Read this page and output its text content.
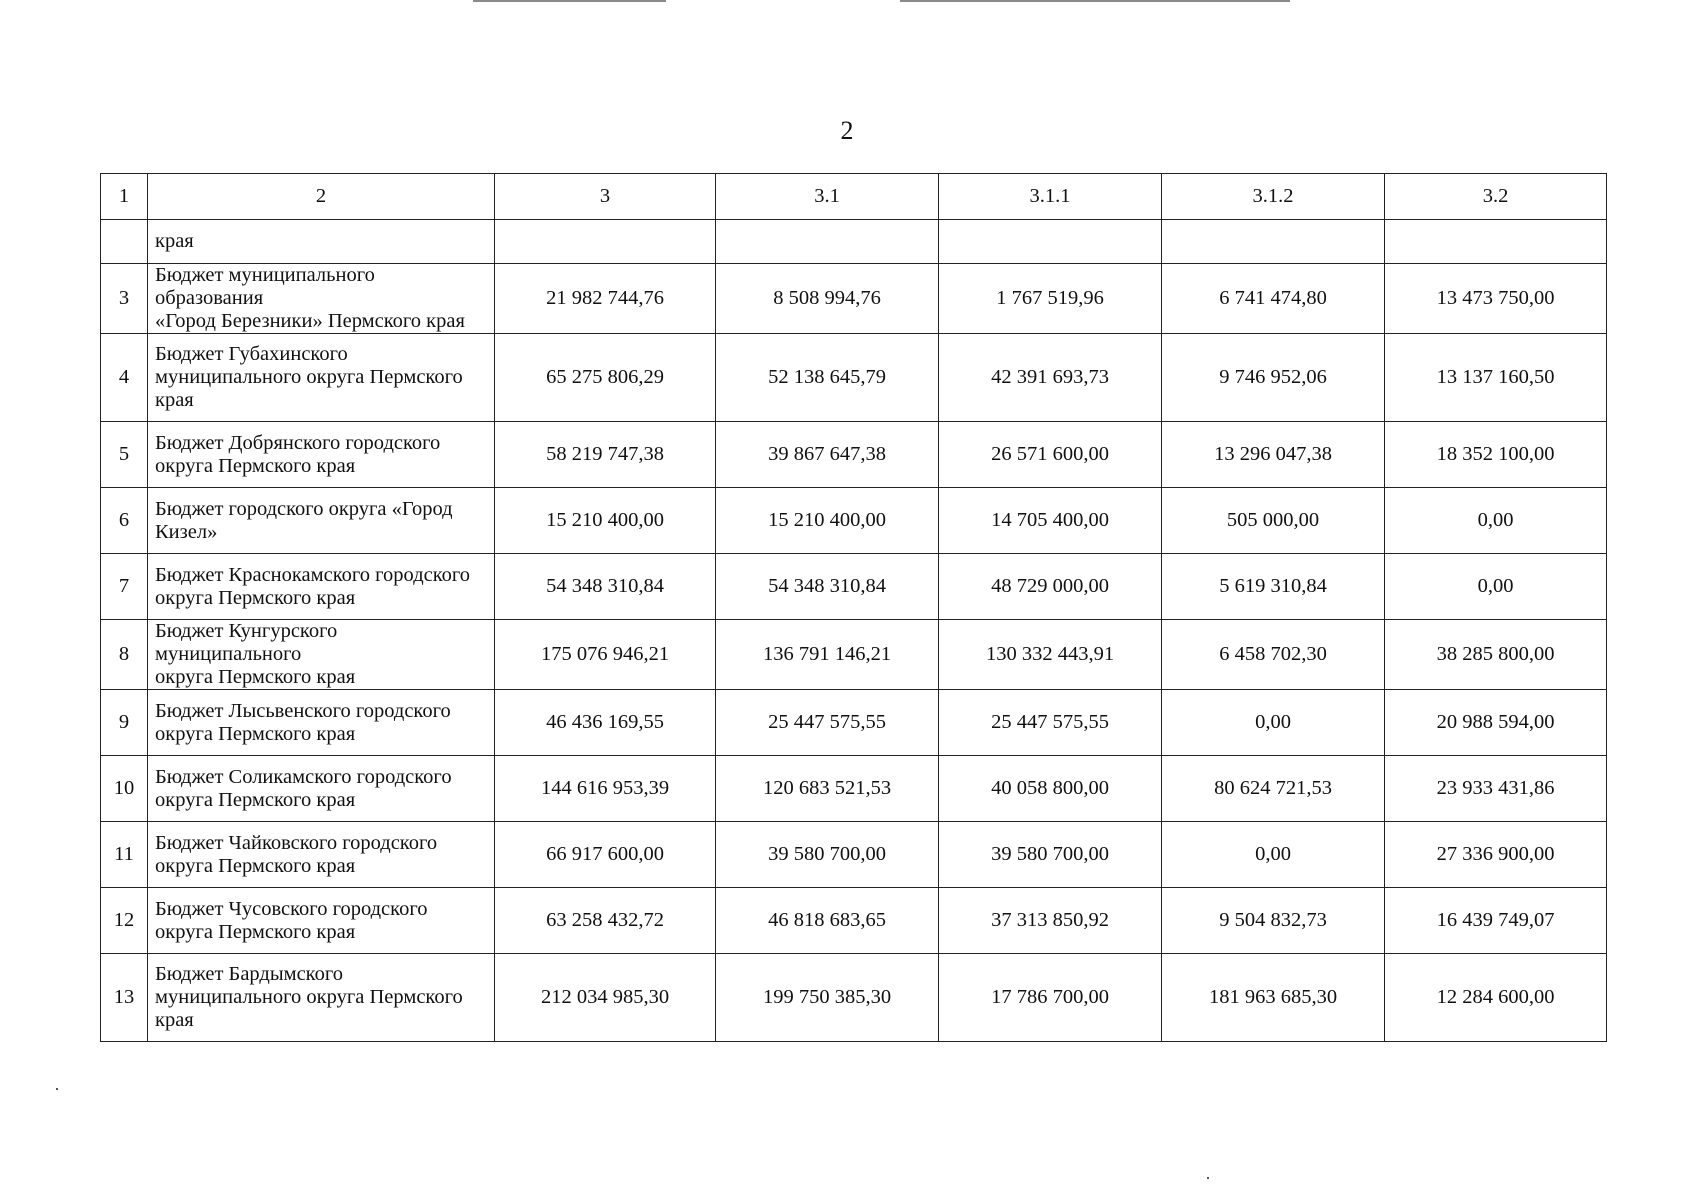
2
1	2	3	3.1	3.1.1	3.1.2	3.2
	края					
3	Бюджет муниципального образования
«Город Березники» Пермского края	21 982 744,76	8 508 994,76	1 767 519,96	6 741 474,80	13 473 750,00
4	Бюджет Губахинского
муниципального округа Пермского
края	65 275 806,29	52 138 645,79	42 391 693,73	9 746 952,06	13 137 160,50
5	Бюджет Добрянского городского
округа Пермского края	58 219 747,38	39 867 647,38	26 571 600,00	13 296 047,38	18 352 100,00
6	Бюджет городского округа «Город
Кизел»	15 210 400,00	15 210 400,00	14 705 400,00	505 000,00	0,00
7	Бюджет Краснокамского городского
округа Пермского края	54 348 310,84	54 348 310,84	48 729 000,00	5 619 310,84	0,00
8	Бюджет Кунгурского муниципального
округа Пермского края	175 076 946,21	136 791 146,21	130 332 443,91	6 458 702,30	38 285 800,00
9	Бюджет Лысьвенского городского
округа Пермского края	46 436 169,55	25 447 575,55	25 447 575,55	0,00	20 988 594,00
10	Бюджет Соликамского городского
округа Пермского края	144 616 953,39	120 683 521,53	40 058 800,00	80 624 721,53	23 933 431,86
11	Бюджет Чайковского городского
округа Пермского края	66 917 600,00	39 580 700,00	39 580 700,00	0,00	27 336 900,00
12	Бюджет Чусовского городского
округа Пермского края	63 258 432,72	46 818 683,65	37 313 850,92	9 504 832,73	16 439 749,07
13	Бюджет Бардымского
муниципального округа Пермского
края	212 034 985,30	199 750 385,30	17 786 700,00	181 963 685,30	12 284 600,00
